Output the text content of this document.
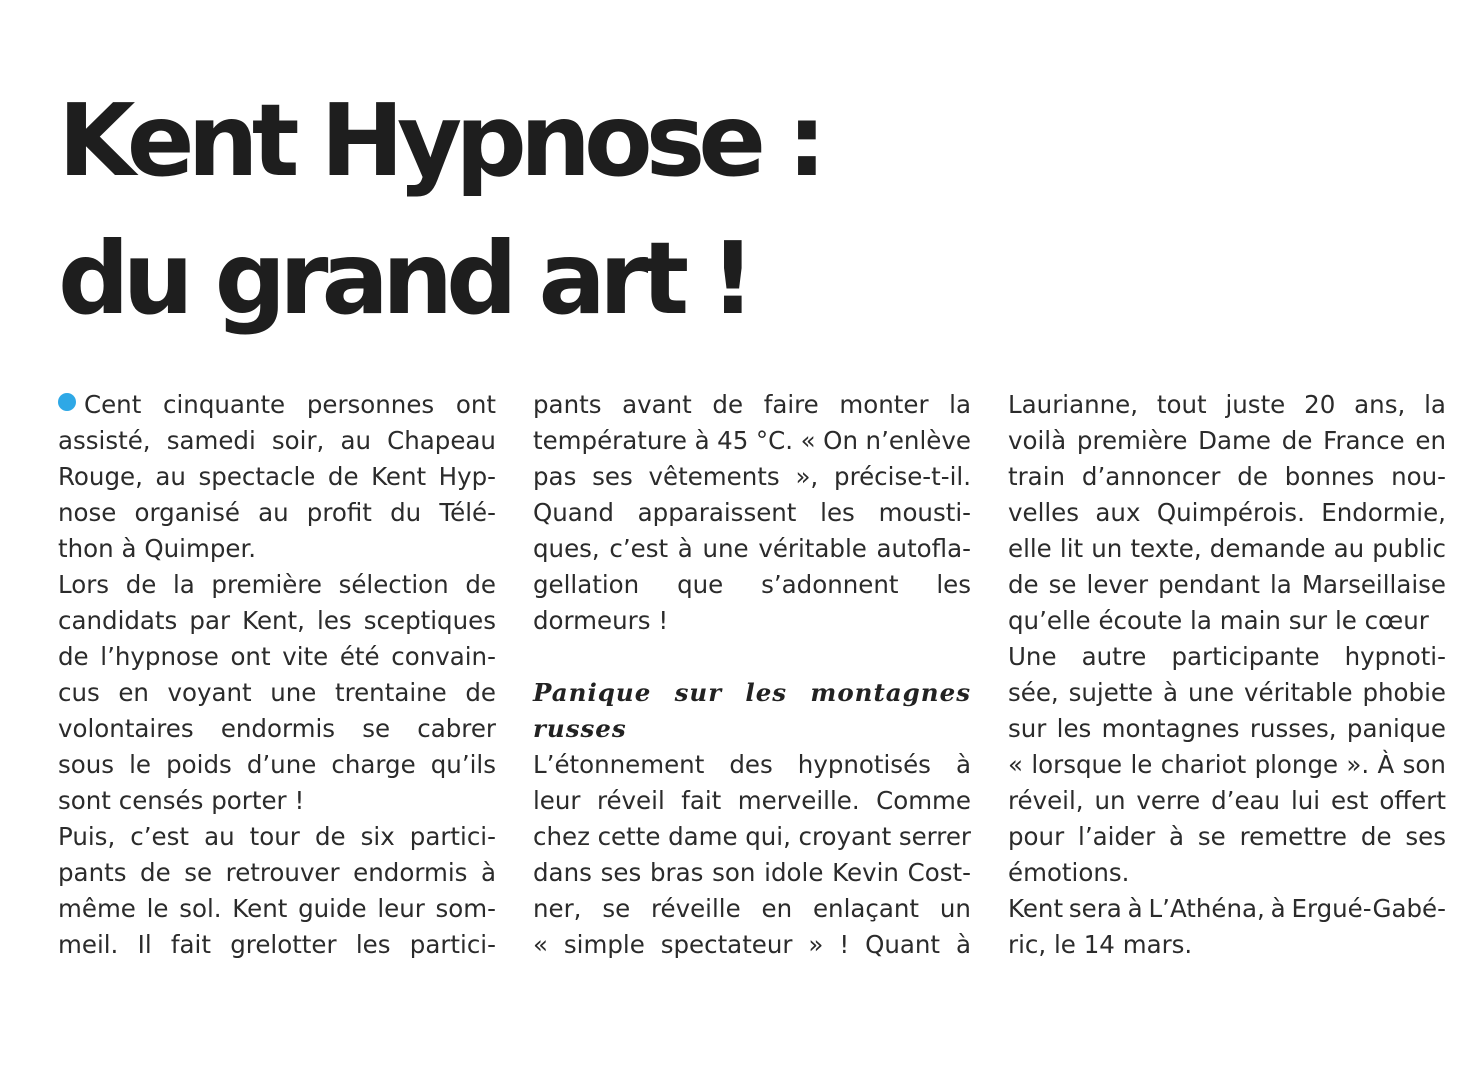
Kent Hypnose :
du grand art !
Cent cinquante personnes ont
assisté, samedi soir, au Chapeau
Rouge, au spectacle de Kent Hyp-
nose organisé au profit du Télé-
thon à Quimper.
Lors de la première sélection de
candidats par Kent, les sceptiques
de l’hypnose ont vite été convain-
cus en voyant une trentaine de
volontaires endormis se cabrer
sous le poids d’une charge qu’ils
sont censés porter !
Puis, c’est au tour de six partici-
pants de se retrouver endormis à
même le sol. Kent guide leur som-
meil. Il fait grelotter les partici-
pants avant de faire monter la
température à 45 °C. « On n’enlève
pas ses vêtements », précise-t-il.
Quand apparaissent les mousti-
ques, c’est à une véritable autofla-
gellation que s’adonnent les
dormeurs !
Panique sur les montagnes
russes
L’étonnement des hypnotisés à
leur réveil fait merveille. Comme
chez cette dame qui, croyant serrer
dans ses bras son idole Kevin Cost-
ner, se réveille en enlaçant un
« simple spectateur » ! Quant à
Laurianne, tout juste 20 ans, la
voilà première Dame de France en
train d’annoncer de bonnes nou-
velles aux Quimpérois. Endormie,
elle lit un texte, demande au public
de se lever pendant la Marseillaise
qu’elle écoute la main sur le cœur
Une autre participante hypnoti-
sée, sujette à une véritable phobie
sur les montagnes russes, panique
« lorsque le chariot plonge ». À son
réveil, un verre d’eau lui est offert
pour l’aider à se remettre de ses
émotions.
Kent sera à L’Athéna, à Ergué-Gabé-
ric, le 14 mars.
